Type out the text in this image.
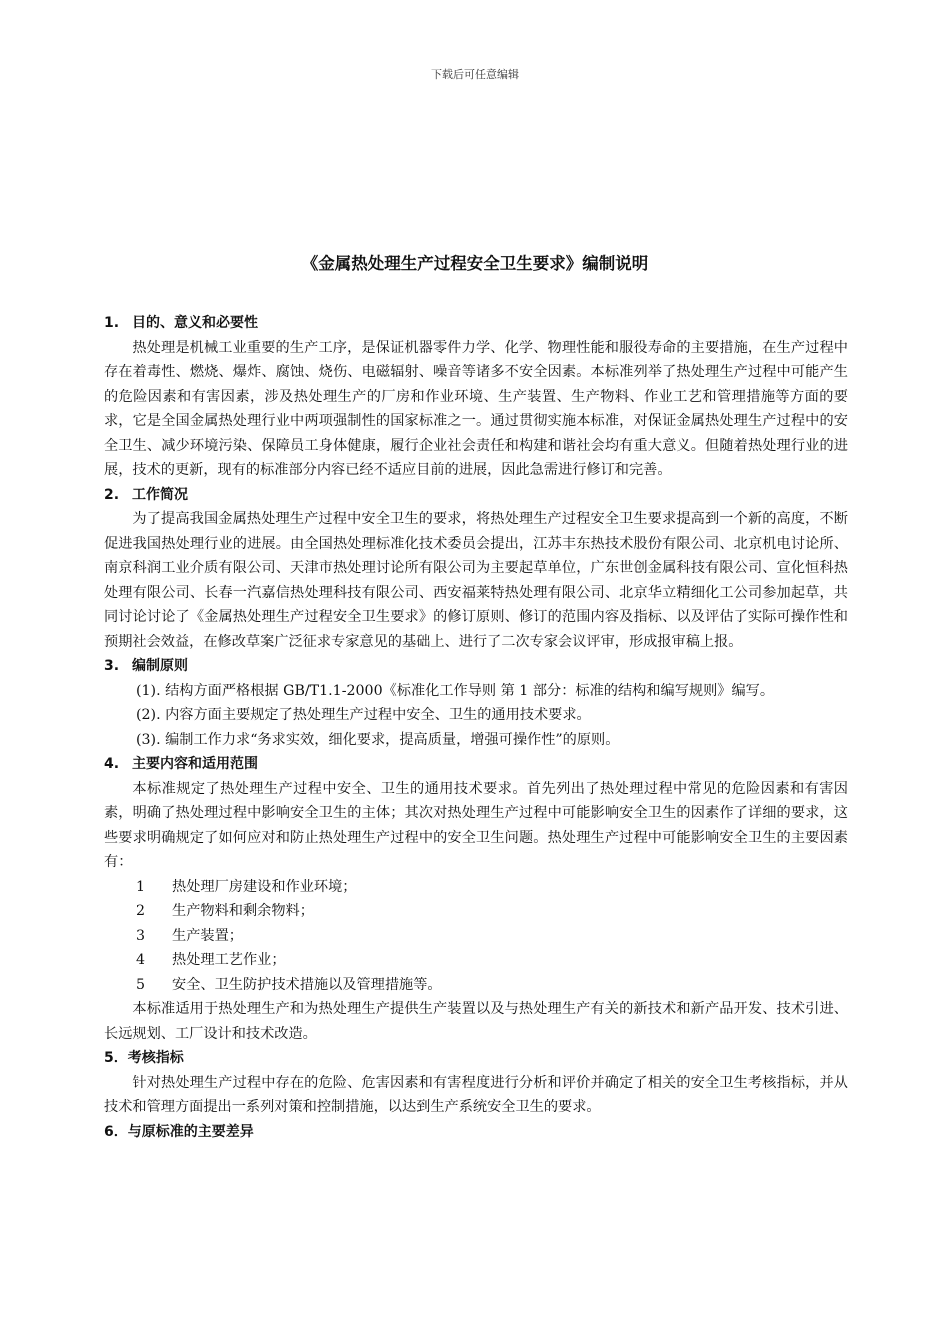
下载后可任意编辑
《金属热处理生产过程安全卫生要求》编制说明
1. 目的、意义和必要性

热处理是机械工业重要的生产工序，是保证机器零件力学、化学、物理性能和服役寿命的主要措施，在生产过程中存在着毒性、燃烧、爆炸、腐蚀、烧伤、电磁辐射、噪音等诸多不安全因素。本标准列举了热处理生产过程中可能产生的危险因素和有害因素，涉及热处理生产的厂房和作业环境、生产装置、生产物料、作业工艺和管理措施等方面的要求，它是全国金属热处理行业中两项强制性的国家标准之一。通过贯彻实施本标准，对保证金属热处理生产过程中的安全卫生、减少环境污染、保障员工身体健康，履行企业社会责任和构建和谐社会均有重大意义。但随着热处理行业的进展，技术的更新，现有的标准部分内容已经不适应目前的进展，因此急需进行修订和完善。

2. 工作简况

为了提高我国金属热处理生产过程中安全卫生的要求，将热处理生产过程安全卫生要求提高到一个新的高度，不断促进我国热处理行业的进展。由全国热处理标准化技术委员会提出，江苏丰东热技术股份有限公司、北京机电讨论所、南京科润工业介质有限公司、天津市热处理讨论所有限公司为主要起草单位，广东世创金属科技有限公司、宣化恒科热处理有限公司、长春一汽嘉信热处理科技有限公司、西安福莱特热处理有限公司、北京华立精细化工公司参加起草，共同讨论讨论了《金属热处理生产过程安全卫生要求》的修订原则、修订的范围内容及指标、以及评估了实际可操作性和预期社会效益，在修改草案广泛征求专家意见的基础上、进行了二次专家会议评审，形成报审稿上报。

3. 编制原则
(1). 结构方面严格根据 GB/T1.1-2000《标准化工作导则 第 1 部分：标准的结构和编写规则》编写。
(2). 内容方面主要规定了热处理生产过程中安全、卫生的通用技术要求。
(3). 编制工作力求“务求实效，细化要求，提高质量，增强可操作性”的原则。
4. 主要内容和适用范围

本标准规定了热处理生产过程中安全、卫生的通用技术要求。首先列出了热处理过程中常见的危险因素和有害因素，明确了热处理过程中影响安全卫生的主体；其次对热处理生产过程中可能影响安全卫生的因素作了详细的要求，这些要求明确规定了如何应对和防止热处理生产过程中的安全卫生问题。热处理生产过程中可能影响安全卫生的主要因素有：

1 热处理厂房建设和作业环境；
2 生产物料和剩余物料；
3 生产装置；
4 热处理工艺作业；
5 安全、卫生防护技术措施以及管理措施等。

本标准适用于热处理生产和为热处理生产提供生产装置以及与热处理生产有关的新技术和新产品开发、技术引进、长远规划、工厂设计和技术改造。

5．考核指标

针对热处理生产过程中存在的危险、危害因素和有害程度进行分析和评价并确定了相关的安全卫生考核指标，并从技术和管理方面提出一系列对策和控制措施，以达到生产系统安全卫生的要求。

6．与原标准的主要差异
